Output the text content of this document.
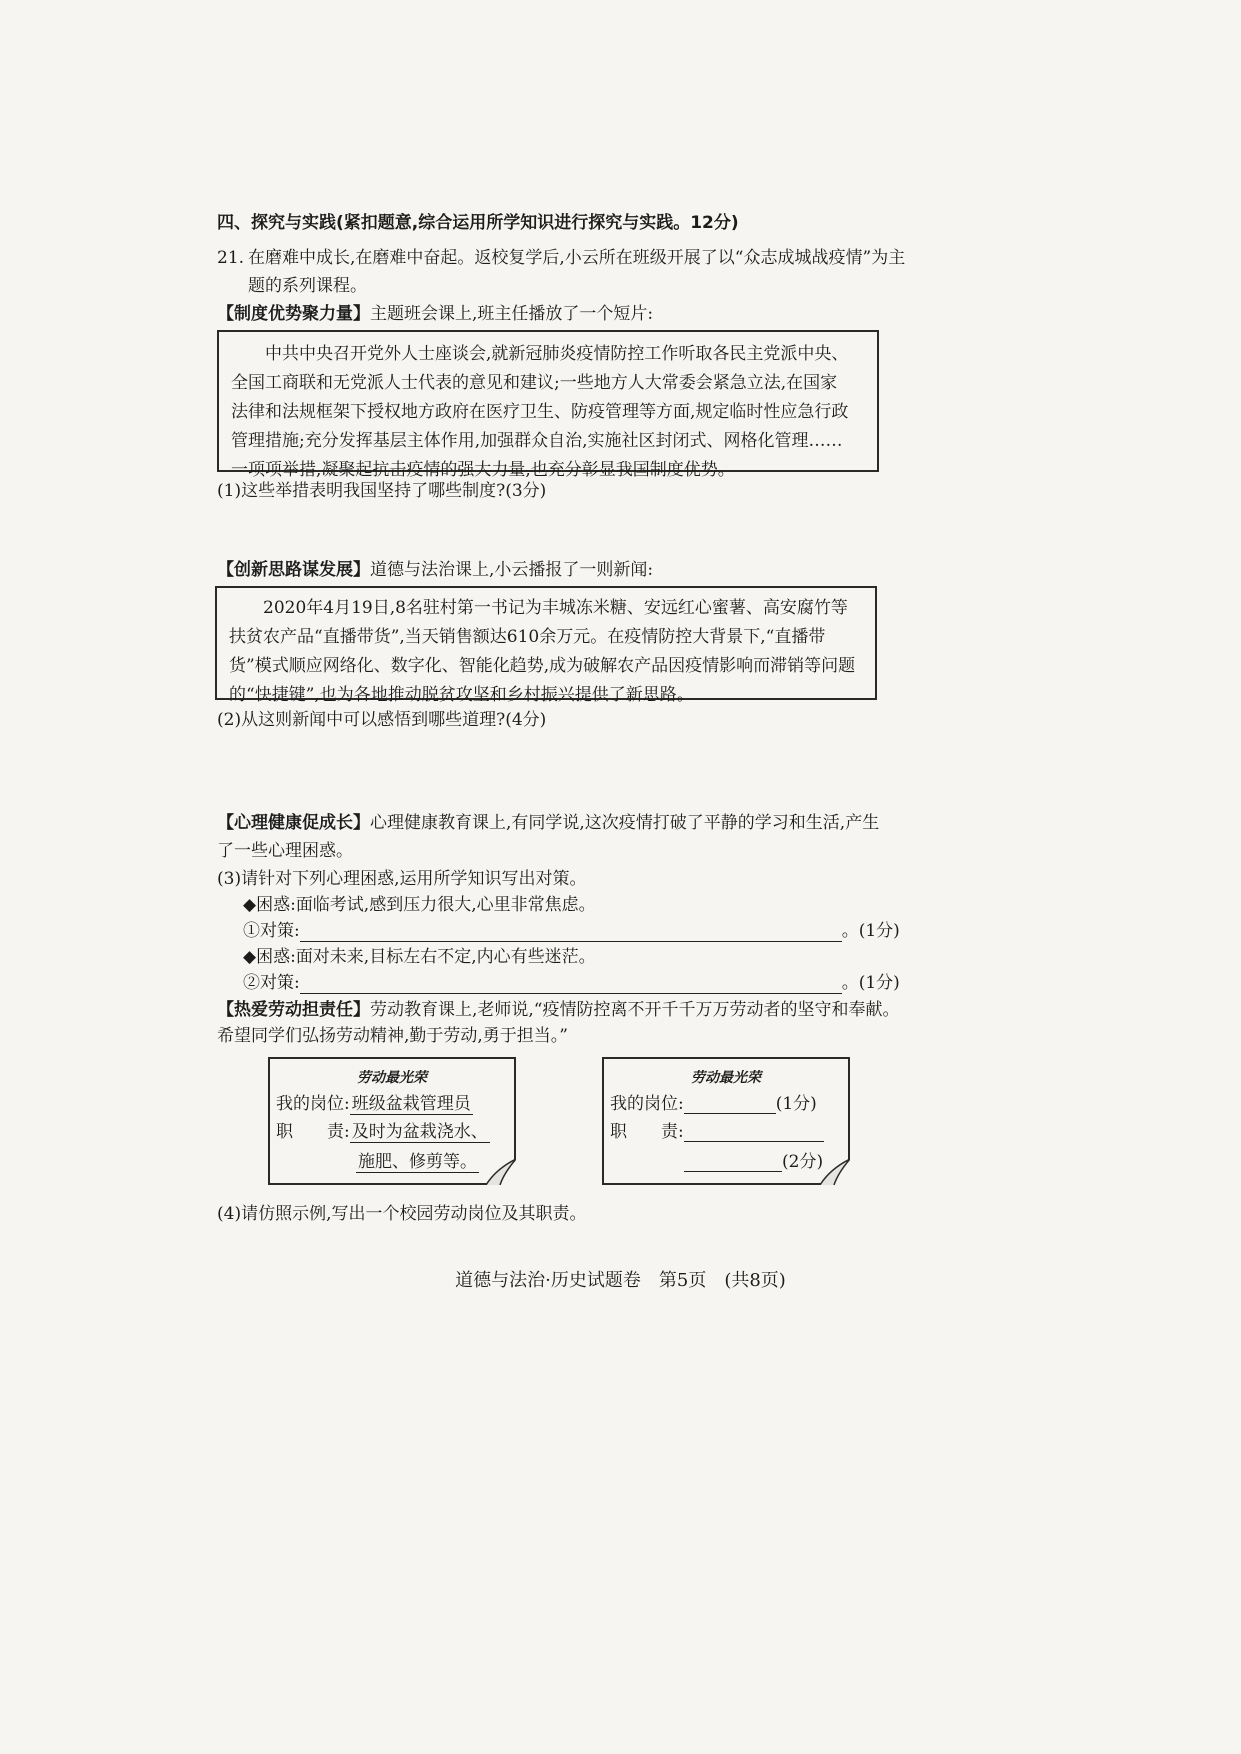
四、探究与实践(紧扣题意,综合运用所学知识进行探究与实践。12分)
21. 在磨难中成长,在磨难中奋起。返校复学后,小云所在班级开展了以“众志成城战疫情”为主
题的系列课程。
【制度优势聚力量】主题班会课上,班主任播放了一个短片:

中共中央召开党外人士座谈会,就新冠肺炎疫情防控工作听取各民主党派中央、

全国工商联和无党派人士代表的意见和建议;一些地方人大常委会紧急立法,在国家

法律和法规框架下授权地方政府在医疗卫生、防疫管理等方面,规定临时性应急行政

管理措施;充分发挥基层主体作用,加强群众自治,实施社区封闭式、网格化管理……

一项项举措,凝聚起抗击疫情的强大力量,也充分彰显我国制度优势。

(1)这些举措表明我国坚持了哪些制度?(3分)
【创新思路谋发展】道德与法治课上,小云播报了一则新闻:

2020年4月19日,8名驻村第一书记为丰城冻米糖、安远红心蜜薯、高安腐竹等

扶贫农产品“直播带货”,当天销售额达610余万元。在疫情防控大背景下,“直播带

货”模式顺应网络化、数字化、智能化趋势,成为破解农产品因疫情影响而滞销等问题

的“快捷键”,也为各地推动脱贫攻坚和乡村振兴提供了新思路。

(2)从这则新闻中可以感悟到哪些道理?(4分)
【心理健康促成长】心理健康教育课上,有同学说,这次疫情打破了平静的学习和生活,产生
了一些心理困惑。
(3)请针对下列心理困惑,运用所学知识写出对策。
◆困惑:面临考试,感到压力很大,心里非常焦虑。
①对策:	。(1分)
◆困惑:面对未来,目标左右不定,内心有些迷茫。
②对策:	。(1分)
【热爱劳动担责任】劳动教育课上,老师说,“疫情防控离不开千千万万劳动者的坚守和奉献。
希望同学们弘扬劳动精神,勤于劳动,勇于担当。”
劳动最光荣
我的岗位: 班级盆栽管理员
职　　责: 及时为盆栽浇水、
施肥、修剪等。
劳动最光荣
我的岗位:	(1分)
职　　责:
(2分)
(4)请仿照示例,写出一个校园劳动岗位及其职责。
道德与法治·历史试题卷　第5页　(共8页)
